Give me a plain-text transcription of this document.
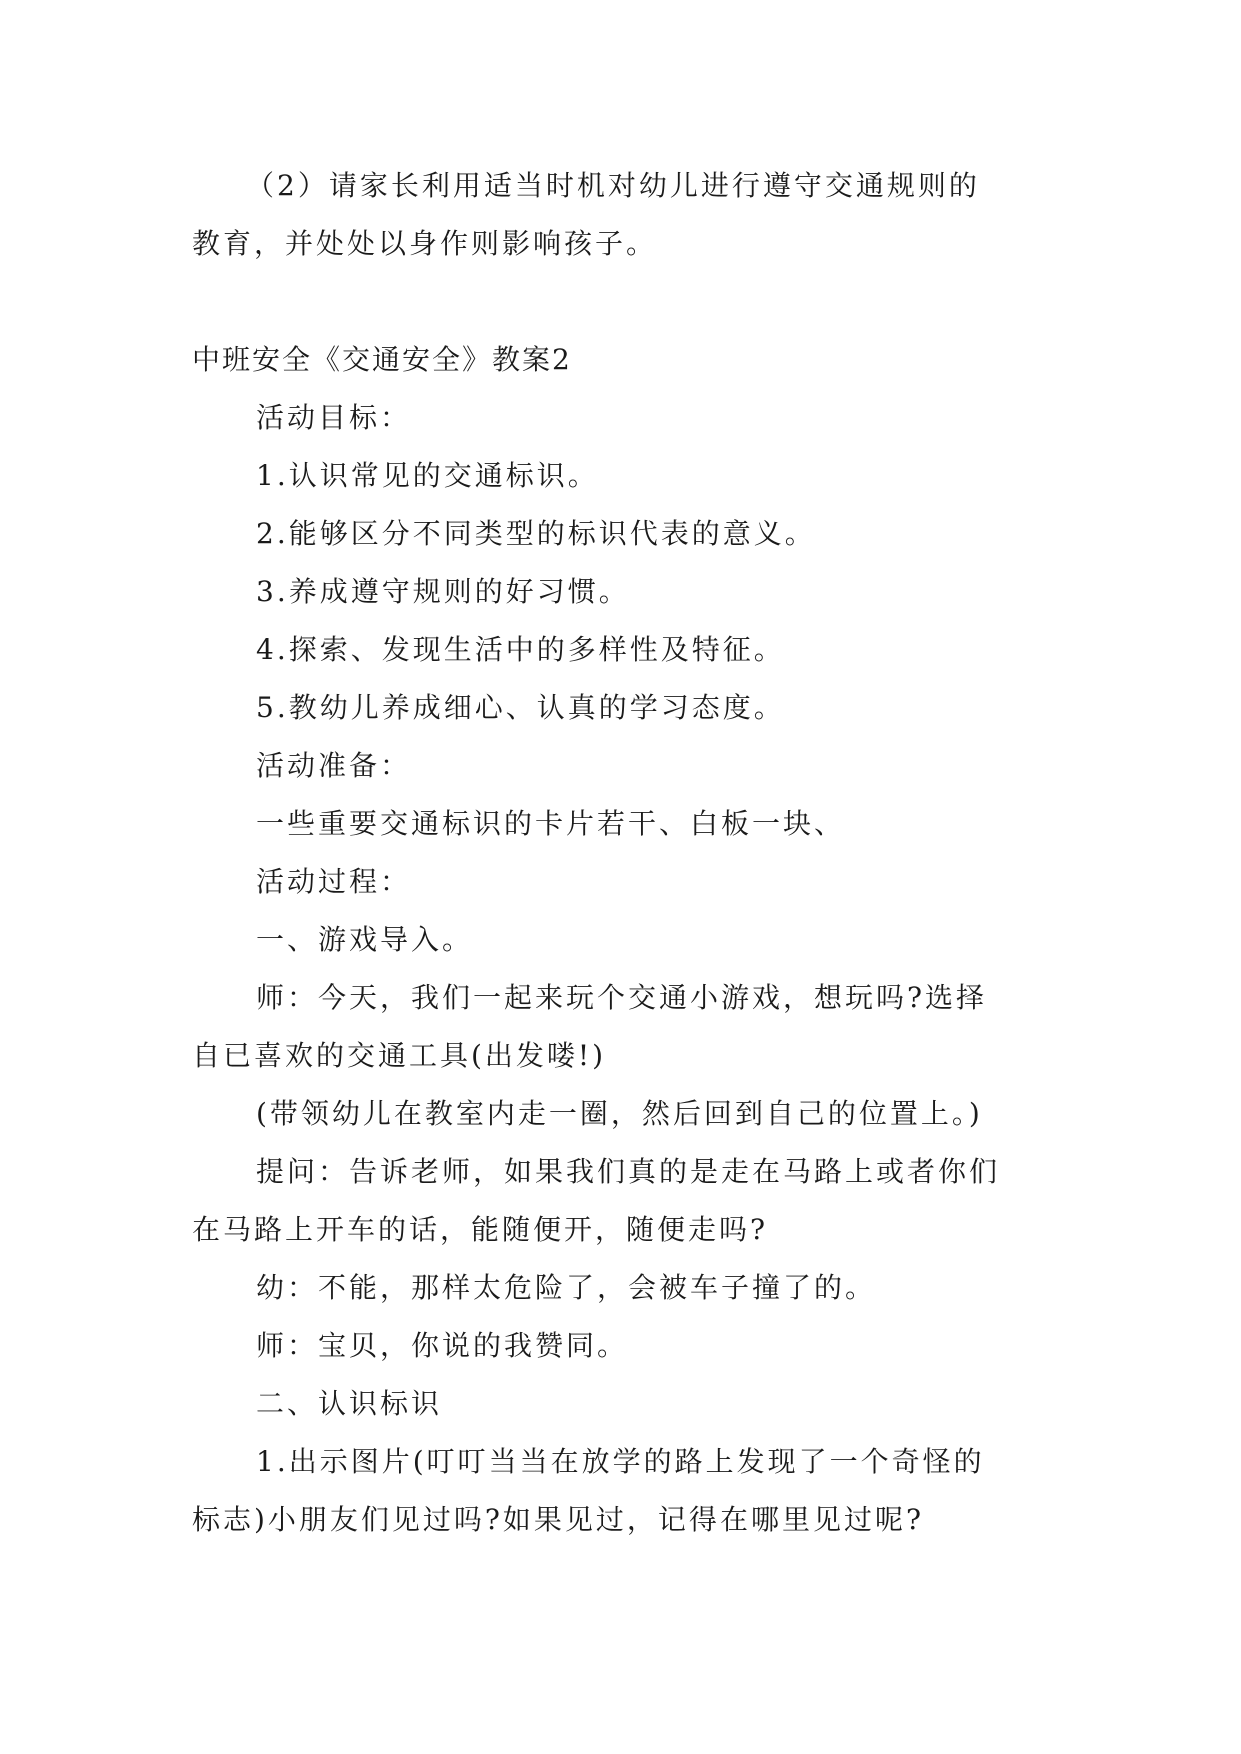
（2）请家长利用适当时机对幼儿进行遵守交通规则的
教育，并处处以身作则影响孩子。
中班安全《交通安全》教案2
活动目标：
1.认识常见的交通标识。
2.能够区分不同类型的标识代表的意义。
3.养成遵守规则的好习惯。
4.探索、发现生活中的多样性及特征。
5.教幼儿养成细心、认真的学习态度。
活动准备：
一些重要交通标识的卡片若干、白板一块、
活动过程：
一、游戏导入。
师：今天，我们一起来玩个交通小游戏，想玩吗?选择
自已喜欢的交通工具(出发喽!)
(带领幼儿在教室内走一圈，然后回到自己的位置上。)
提问：告诉老师，如果我们真的是走在马路上或者你们
在马路上开车的话，能随便开，随便走吗?
幼：不能，那样太危险了，会被车子撞了的。
师：宝贝，你说的我赞同。
二、认识标识
1.出示图片(叮叮当当在放学的路上发现了一个奇怪的
标志)小朋友们见过吗?如果见过，记得在哪里见过呢?
